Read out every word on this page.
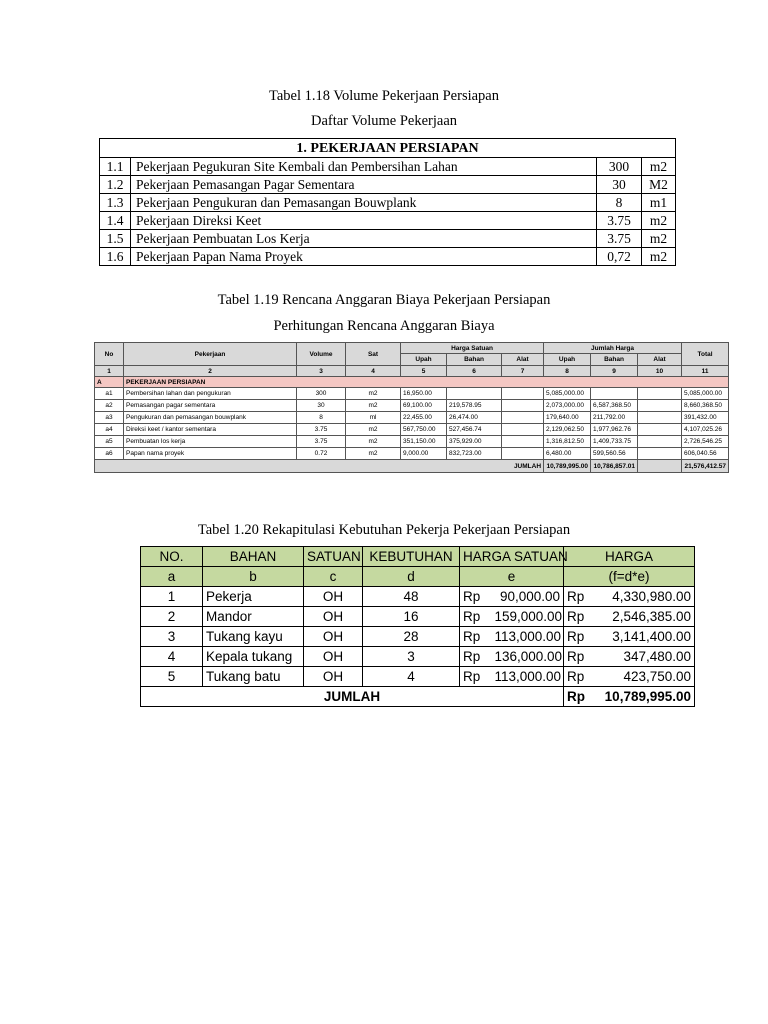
Tabel 1.18 Volume Pekerjaan Persiapan
Daftar Volume Pekerjaan
1. PEKERJAAN PERSIAPAN			
1.1	Pekerjaan Pegukuran Site Kembali dan Pembersihan Lahan	300	m2
1.2	Pekerjaan Pemasangan Pagar Sementara	30	M2
1.3	Pekerjaan Pengukuran dan Pemasangan Bouwplank	8	m1
1.4	Pekerjaan Direksi Keet	3.75	m2
1.5	Pekerjaan Pembuatan Los Kerja	3.75	m2
1.6	Pekerjaan Papan Nama Proyek	0,72	m2
Tabel 1.19 Rencana Anggaran Biaya Pekerjaan Persiapan
Perhitungan Rencana Anggaran Biaya
No	Pekerjaan	Volume	Sat	Harga Satuan			Jumlah Harga			Total
				Upah	Bahan	Alat	Upah	Bahan	Alat	
1	2	3	4	5	6	7	8	9	10	11
A	PEKERJAAN PERSIAPAN									
a1	Pembersihan lahan dan pengukuran	300	m2	16,950.00			5,085,000.00			5,085,000.00
a2	Pemasangan pagar sementara	30	m2	69,100.00	219,578.95		2,073,000.00	6,587,368.50		8,660,368.50
a3	Pengukuran dan pemasangan bouwplank	8	ml	22,455.00	26,474.00		179,640.00	211,792.00		391,432.00
a4	Direksi keet / kantor sementara	3.75	m2	567,750.00	527,456.74		2,129,062.50	1,977,962.76		4,107,025.26
a5	Pembuatan los kerja	3.75	m2	351,150.00	375,929.00		1,316,812.50	1,409,733.75		2,726,546.25
a6	Papan nama proyek	0.72	m2	9,000.00	832,723.00		6,480.00	599,560.56		606,040.56
JUMLAH							10,789,995.00	10,786,857.01		21,576,412.57
Tabel 1.20 Rekapitulasi Kebutuhan Pekerja Pekerjaan Persiapan
NO.	BAHAN	SATUAN	KEBUTUHAN	HARGA SATUAN		HARGA	
a	b	c	d	e		(f=d*e)	
1	Pekerja	OH	48	Rp	90,000.00	Rp	4,330,980.00
2	Mandor	OH	16	Rp	159,000.00	Rp	2,546,385.00
3	Tukang kayu	OH	28	Rp	113,000.00	Rp	3,141,400.00
4	Kepala tukang	OH	3	Rp	136,000.00	Rp	347,480.00
5	Tukang batu	OH	4	Rp	113,000.00	Rp	423,750.00
JUMLAH						Rp	10,789,995.00
